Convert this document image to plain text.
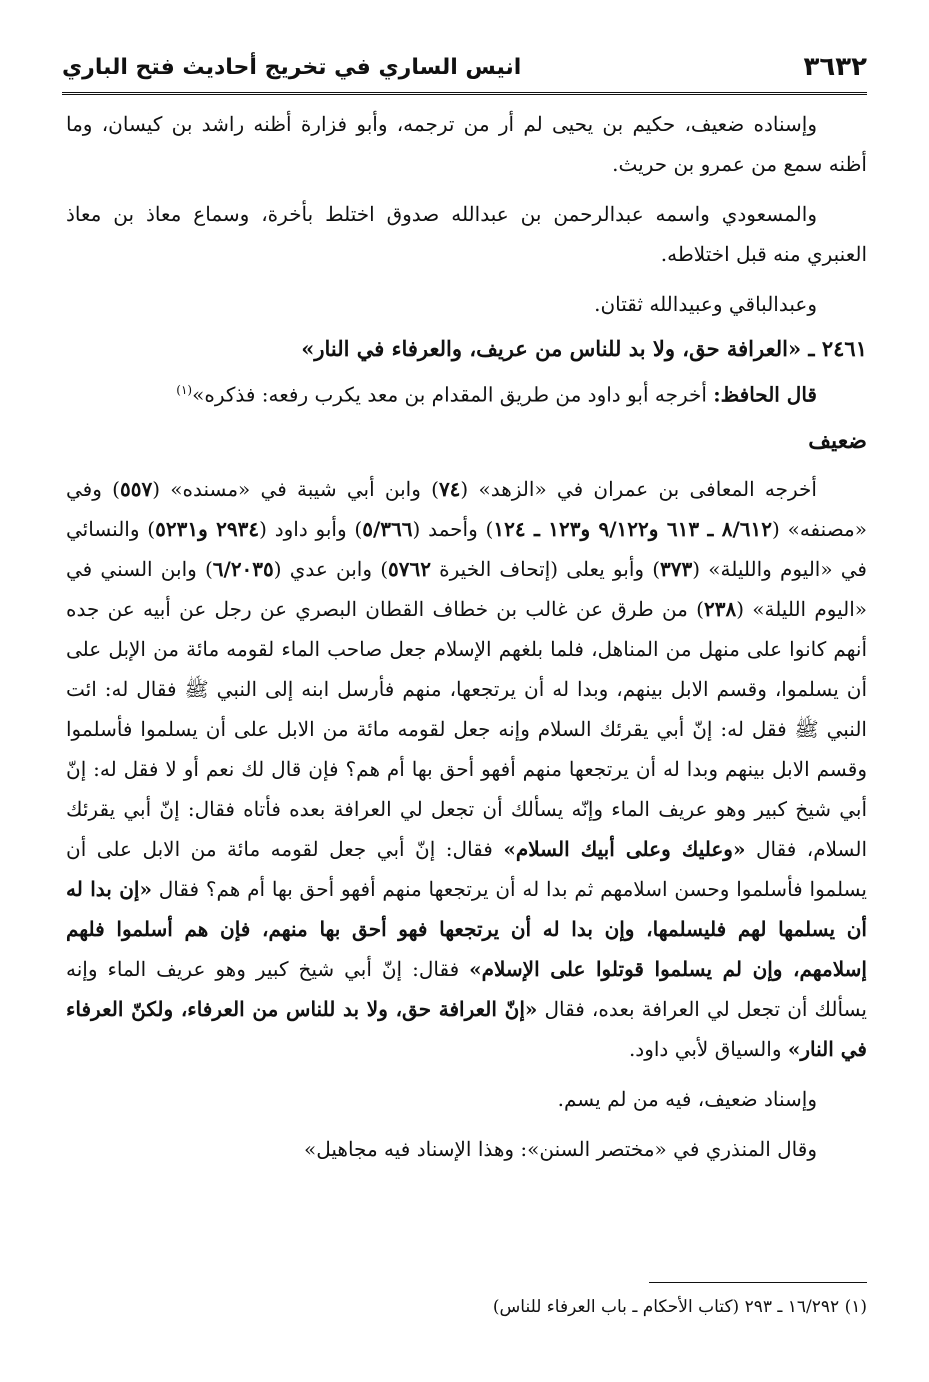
٣٦٣٢
انيس الساري في تخريج أحاديث فتح الباري

وإسناده ضعيف، حكيم بن يحيى لم أر من ترجمه، وأبو فزارة أظنه راشد بن كيسان، وما أظنه سمع من عمرو بن حريث.

والمسعودي واسمه عبدالرحمن بن عبدالله صدوق اختلط بأخرة، وسماع معاذ بن معاذ العنبري منه قبل اختلاطه.

وعبدالباقي وعبيدالله ثقتان.

٢٤٦١ ـ «العرافة حق، ولا بد للناس من عريف، والعرفاء في النار»

قال الحافظ: أخرجه أبو داود من طريق المقدام بن معد يكرب رفعه: فذكره»$^{(١)}$

ضعيف

أخرجه المعافى بن عمران في «الزهد» (٧٤) وابن أبي شيبة في «مسنده» (٥٥٧) وفي «مصنفه» (٨/٦١٢ ـ ٦١٣ و٩/١٢٢ و١٢٣ ـ ١٢٤) وأحمد (٥/٣٦٦) وأبو داود (٢٩٣٤ و٥٢٣١) والنسائي في «اليوم والليلة» (٣٧٣) وأبو يعلى (إتحاف الخيرة ٥٧٦٢) وابن عدي (٦/٢٠٣٥) وابن السني في «اليوم الليلة» (٢٣٨) من طرق عن غالب بن خطاف القطان البصري عن رجل عن أبيه عن جده أنهم كانوا على منهل من المناهل، فلما بلغهم الإسلام جعل صاحب الماء لقومه مائة من الإبل على أن يسلموا، وقسم الابل بينهم، وبدا له أن يرتجعها، منهم فأرسل ابنه إلى النبي ﷺ فقال له: ائت النبي ﷺ فقل له: إنّ أبي يقرئك السلام وإنه جعل لقومه مائة من الابل على أن يسلموا فأسلموا وقسم الابل بينهم وبدا له أن يرتجعها منهم أفهو أحق بها أم هم؟ فإن قال لك نعم أو لا فقل له: إنّ أبي شيخ كبير وهو عريف الماء وإنّه يسألك أن تجعل لي العرافة بعده فأتاه فقال: إنّ أبي يقرئك السلام، فقال «وعليك وعلى أبيك السلام» فقال: إنّ أبي جعل لقومه مائة من الابل على أن يسلموا فأسلموا وحسن اسلامهم ثم بدا له أن يرتجعها منهم أفهو أحق بها أم هم؟ فقال «إن بدا له أن يسلمها لهم فليسلمها، وإن بدا له أن يرتجعها فهو أحق بها منهم، فإن هم أسلموا فلهم إسلامهم، وإن لم يسلموا قوتلوا على الإسلام» فقال: إنّ أبي شيخ كبير وهو عريف الماء وإنه يسألك أن تجعل لي العرافة بعده، فقال «إنّ العرافة حق، ولا بد للناس من العرفاء، ولكنّ العرفاء في النار» والسياق لأبي داود.

وإسناد ضعيف، فيه من لم يسم.

وقال المنذري في «مختصر السنن»: وهذا الإسناد فيه مجاهيل»

(١) ١٦/٢٩٢ ـ ٢٩٣ (كتاب الأحكام ـ باب العرفاء للناس)
